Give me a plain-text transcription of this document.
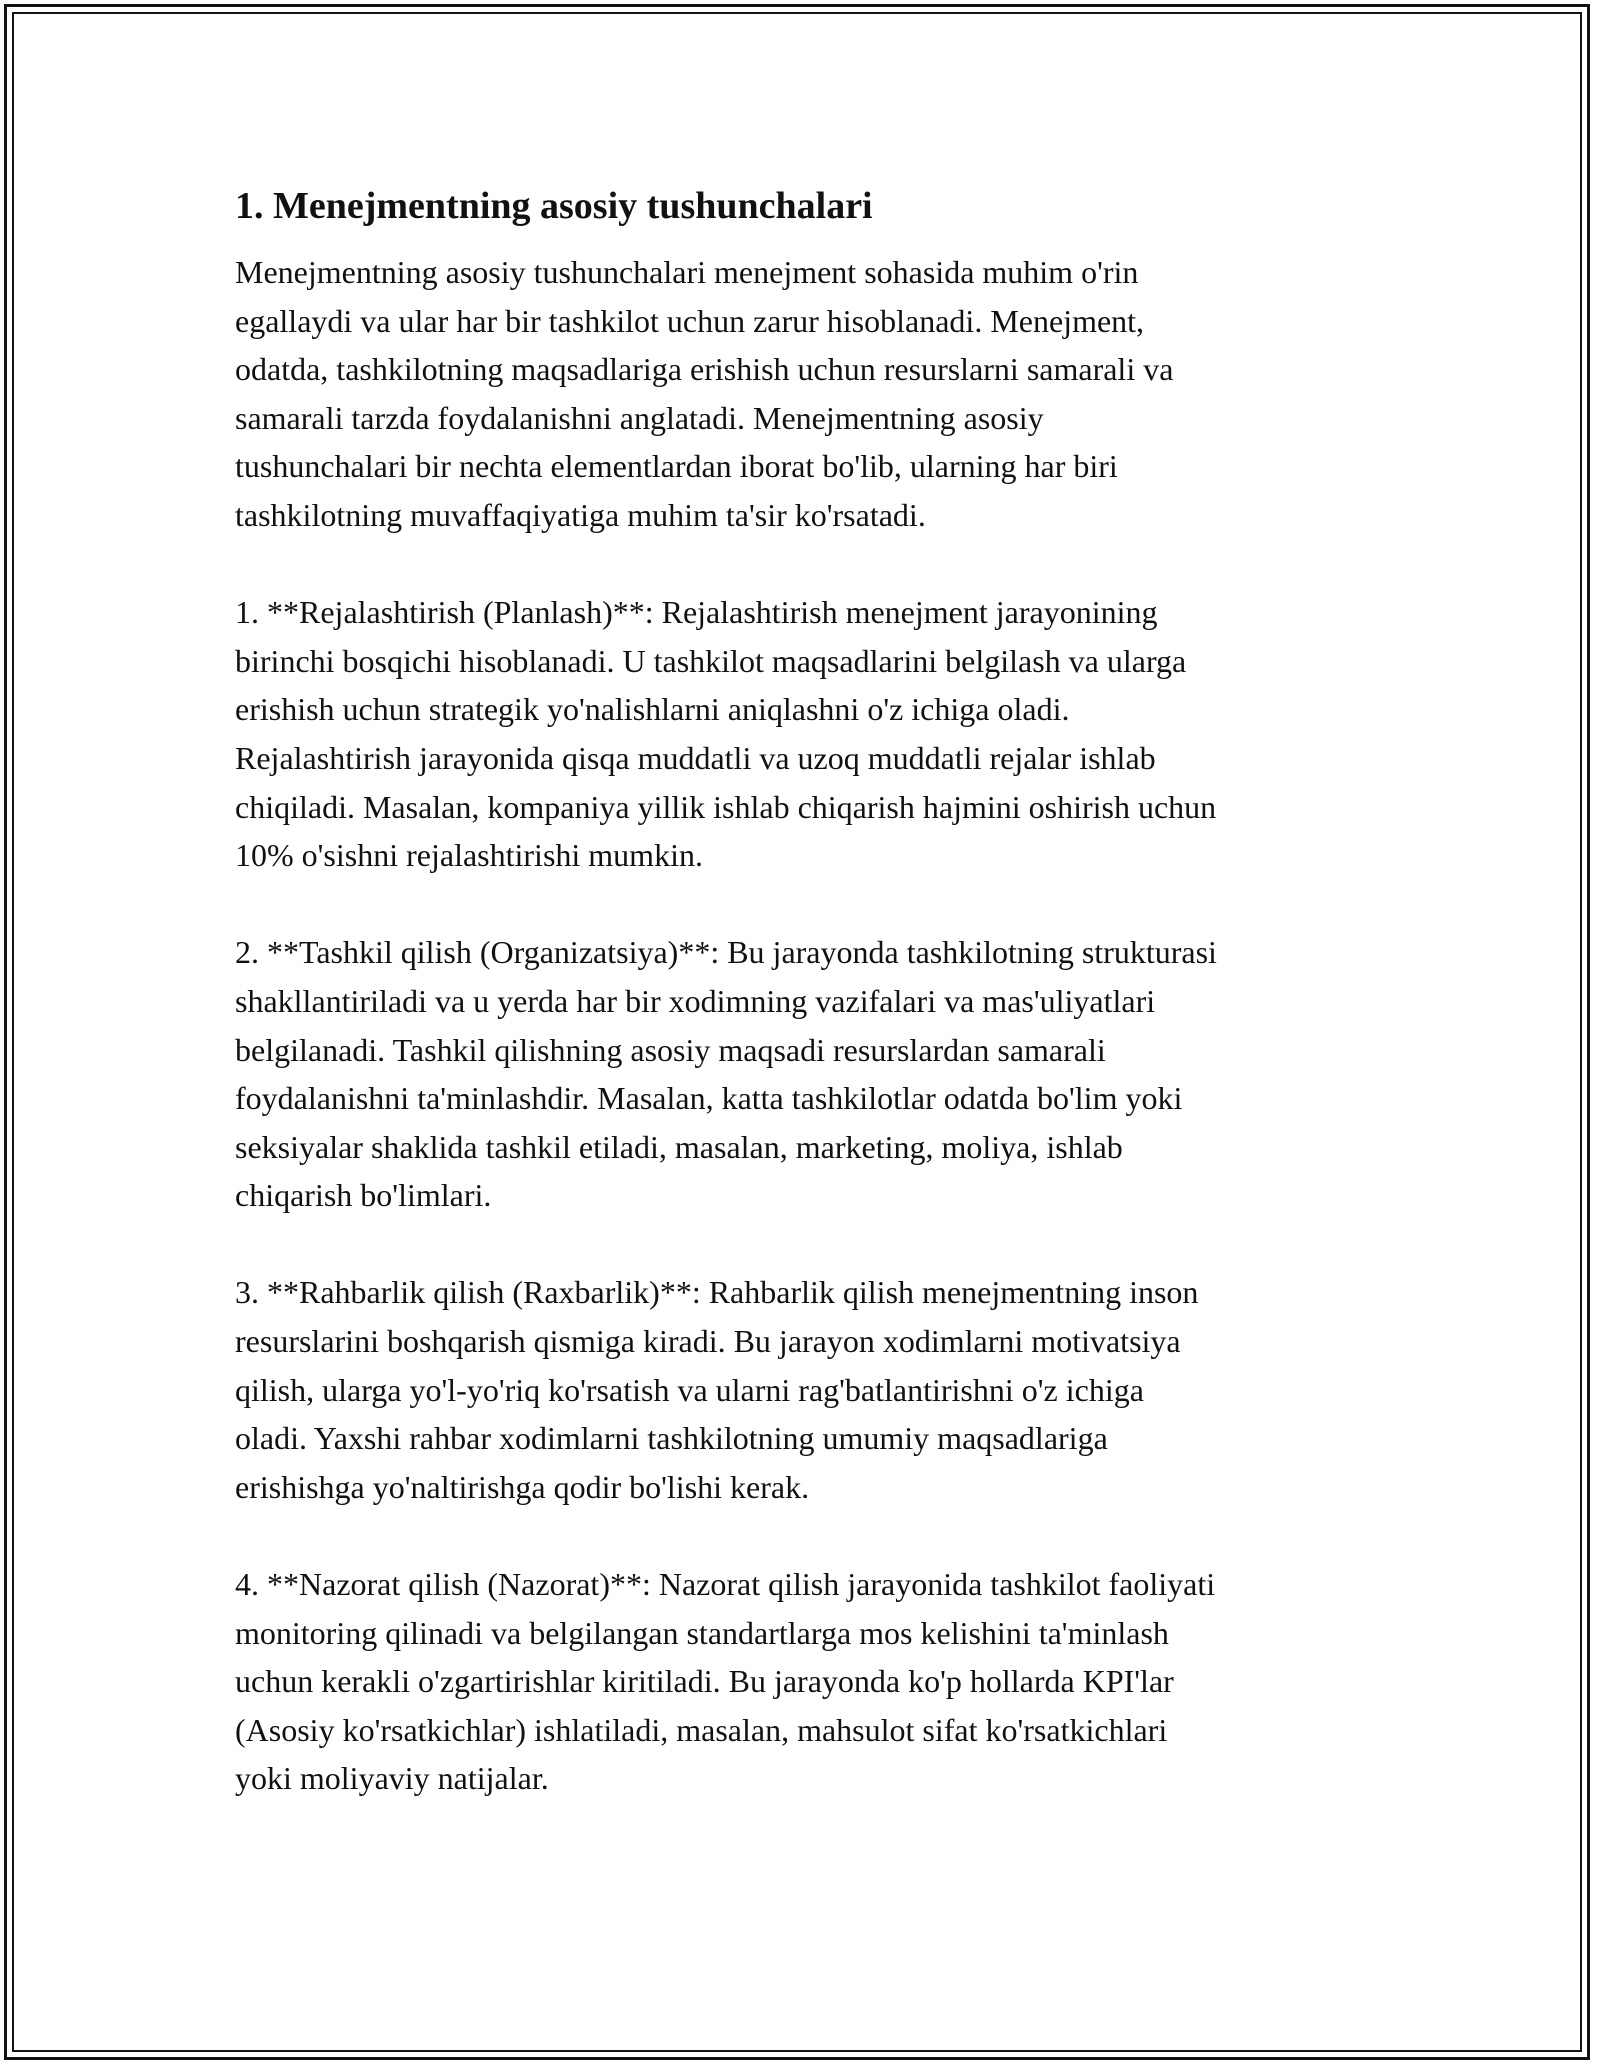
1. Menejmentning asosiy tushunchalari

Menejmentning asosiy tushunchalari menejment sohasida muhim o'rin
egallaydi va ular har bir tashkilot uchun zarur hisoblanadi. Menejment,
odatda, tashkilotning maqsadlariga erishish uchun resurslarni samarali va
samarali tarzda foydalanishni anglatadi. Menejmentning asosiy
tushunchalari bir nechta elementlardan iborat bo'lib, ularning har biri
tashkilotning muvaffaqiyatiga muhim ta'sir ko'rsatadi.

1. **Rejalashtirish (Planlash)**: Rejalashtirish menejment jarayonining
birinchi bosqichi hisoblanadi. U tashkilot maqsadlarini belgilash va ularga
erishish uchun strategik yo'nalishlarni aniqlashni o'z ichiga oladi.
Rejalashtirish jarayonida qisqa muddatli va uzoq muddatli rejalar ishlab
chiqiladi. Masalan, kompaniya yillik ishlab chiqarish hajmini oshirish uchun
10% o'sishni rejalashtirishi mumkin.

2. **Tashkil qilish (Organizatsiya)**: Bu jarayonda tashkilotning strukturasi
shakllantiriladi va u yerda har bir xodimning vazifalari va mas'uliyatlari
belgilanadi. Tashkil qilishning asosiy maqsadi resurslardan samarali
foydalanishni ta'minlashdir. Masalan, katta tashkilotlar odatda bo'lim yoki
seksiyalar shaklida tashkil etiladi, masalan, marketing, moliya, ishlab
chiqarish bo'limlari.

3. **Rahbarlik qilish (Raxbarlik)**: Rahbarlik qilish menejmentning inson
resurslarini boshqarish qismiga kiradi. Bu jarayon xodimlarni motivatsiya
qilish, ularga yo'l-yo'riq ko'rsatish va ularni rag'batlantirishni o'z ichiga
oladi. Yaxshi rahbar xodimlarni tashkilotning umumiy maqsadlariga
erishishga yo'naltirishga qodir bo'lishi kerak.

4. **Nazorat qilish (Nazorat)**: Nazorat qilish jarayonida tashkilot faoliyati
monitoring qilinadi va belgilangan standartlarga mos kelishini ta'minlash
uchun kerakli o'zgartirishlar kiritiladi. Bu jarayonda ko'p hollarda KPI'lar
(Asosiy ko'rsatkichlar) ishlatiladi, masalan, mahsulot sifat ko'rsatkichlari
yoki moliyaviy natijalar.
